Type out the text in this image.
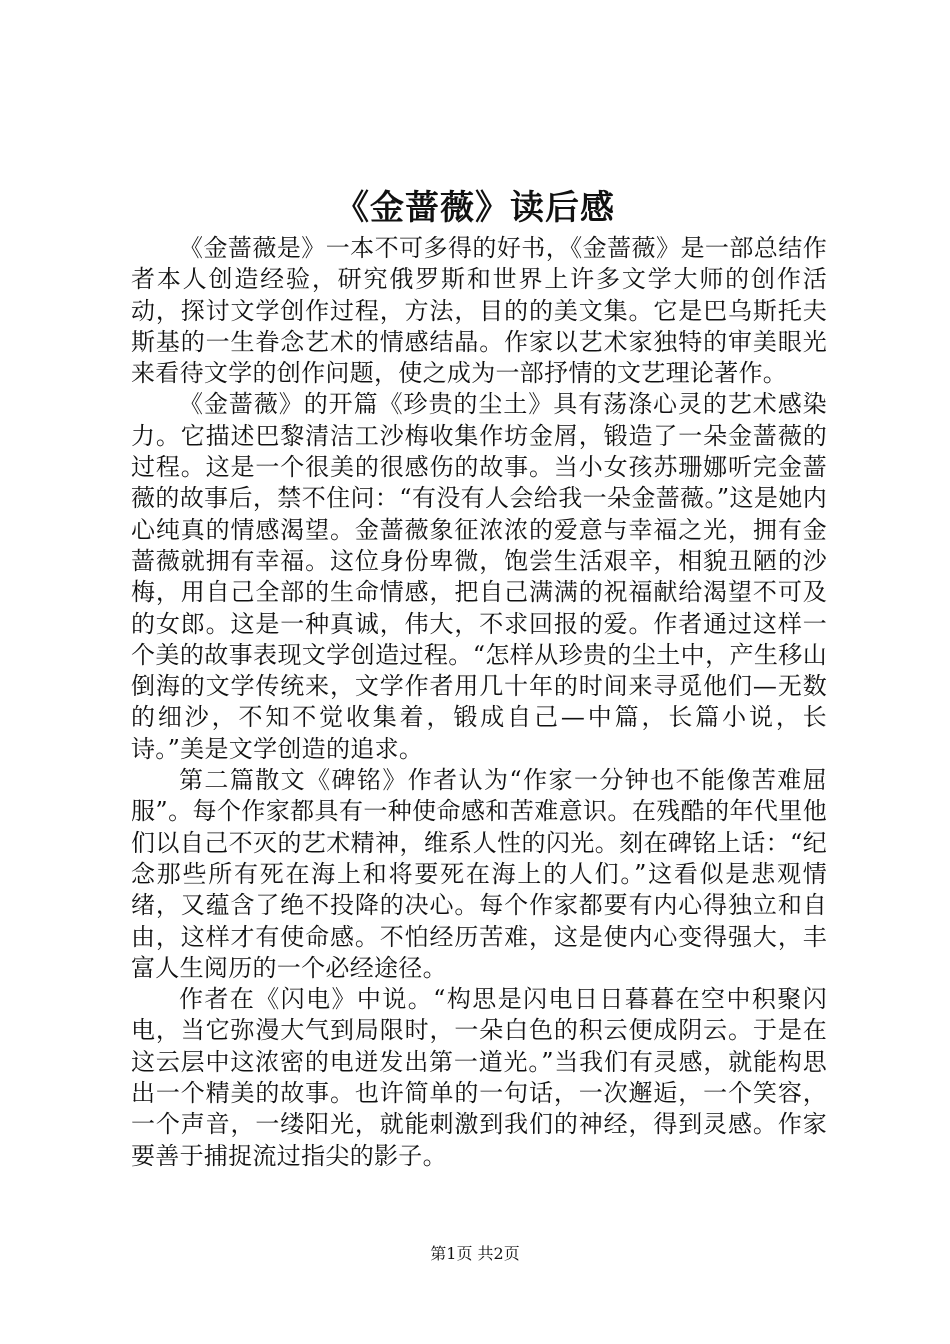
《金蔷薇》读后感

《金蔷薇是》一本不可多得的好书，《金蔷薇》是一部总结作者本人创造经验，研究俄罗斯和世界上许多文学大师的创作活动，探讨文学创作过程，方法，目的的美文集。它是巴乌斯托夫斯基的一生眷念艺术的情感结晶。作家以艺术家独特的审美眼光来看待文学的创作问题，使之成为一部抒情的文艺理论著作。

《金蔷薇》的开篇《珍贵的尘土》具有荡涤心灵的艺术感染力。它描述巴黎清洁工沙梅收集作坊金屑，锻造了一朵金蔷薇的过程。这是一个很美的很感伤的故事。当小女孩苏珊娜听完金蔷薇的故事后，禁不住问：“有没有人会给我一朵金蔷薇。”这是她内心纯真的情感渴望。金蔷薇象征浓浓的爱意与幸福之光，拥有金蔷薇就拥有幸福。这位身份卑微，饱尝生活艰辛，相貌丑陋的沙梅，用自己全部的生命情感，把自己满满的祝福献给渴望不可及的女郎。这是一种真诚，伟大，不求回报的爱。作者通过这样一个美的故事表现文学创造过程。“怎样从珍贵的尘土中，产生移山倒海的文学传统来，文学作者用几十年的时间来寻觅他们—无数的细沙，不知不觉收集着，锻成自己—中篇，长篇小说，长诗。”美是文学创造的追求。

第二篇散文《碑铭》作者认为“作家一分钟也不能像苦难屈服”。每个作家都具有一种使命感和苦难意识。在残酷的年代里他们以自己不灭的艺术精神，维系人性的闪光。刻在碑铭上话：“纪念那些所有死在海上和将要死在海上的人们。”这看似是悲观情绪，又蕴含了绝不投降的决心。每个作家都要有内心得独立和自由，这样才有使命感。不怕经历苦难，这是使内心变得强大，丰富人生阅历的一个必经途径。

作者在《闪电》中说。“构思是闪电日日暮暮在空中积聚闪电，当它弥漫大气到局限时，一朵白色的积云便成阴云。于是在这云层中这浓密的电迸发出第一道光。”当我们有灵感，就能构思出一个精美的故事。也许简单的一句话，一次邂逅，一个笑容，一个声音，一缕阳光，就能刺激到我们的神经，得到灵感。作家要善于捕捉流过指尖的影子。

第1页 共2页
